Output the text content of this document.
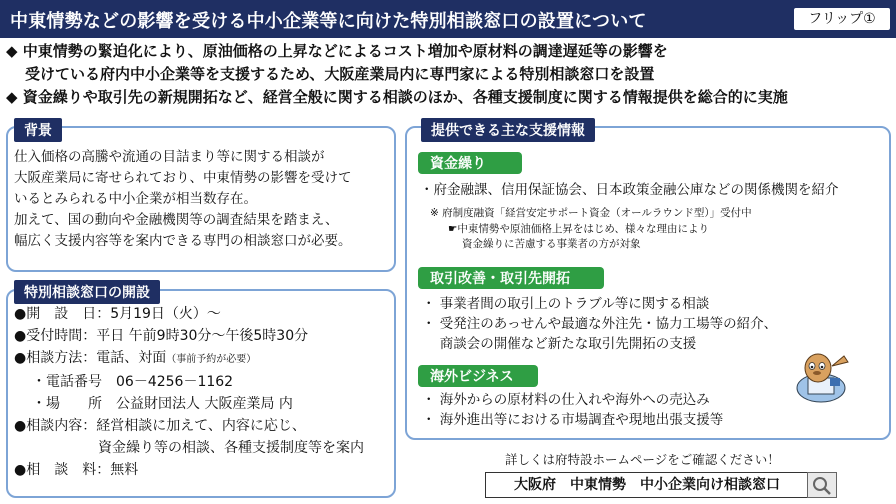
中東情勢などの影響を受ける中小企業等に向けた特別相談窓口の設置について	フリップ①
◆ 中東情勢の緊迫化により、原油価格の上昇などによるコスト増加や原材料の調達遅延等の影響を
受けている府内中小企業等を支援するため、大阪産業局内に専門家による特別相談窓口を設置
◆ 資金繰りや取引先の新規開拓など、経営全般に関する相談のほか、各種支援制度に関する情報提供を総合的に実施
背景
仕入価格の高騰や流通の目詰まり等に関する相談が
大阪産業局に寄せられており、中東情勢の影響を受けて
いるとみられる中小企業が相当数存在。
加えて、国の動向や金融機関等の調査結果を踏まえ、
幅広く支援内容等を案内できる専門の相談窓口が必要。
特別相談窓口の開設
●開　設　日：5月19日（火）～
●受付時間：平日 午前9時30分～午後5時30分
●相談方法：電話、対面（事前予約が必要）
・電話番号　06－4256－1162
・場　　所　公益財団法人 大阪産業局 内
●相談内容：経営相談に加えて、内容に応じ、
資金繰り等の相談、各種支援制度等を案内
●相　談　料：無料
提供できる主な支援情報
資金繰り
・府金融課、信用保証協会、日本政策金融公庫などの関係機関を紹介
※ 府制度融資「経営安定サポート資金（オールラウンド型）」受付中
☛中東情勢や原油価格上昇をはじめ、様々な理由により
資金繰りに苦慮する事業者の方が対象
取引改善・取引先開拓
・ 事業者間の取引上のトラブル等に関する相談
・ 受発注のあっせんや最適な外注先・協力工場等の紹介、
　 商談会の開催など新たな取引先開拓の支援
海外ビジネス
・ 海外からの原材料の仕入れや海外への売込み
・ 海外進出等における市場調査や現地出張支援等
詳しくは府特設ホームページをご確認ください！
大阪府　中東情勢　中小企業向け相談窓口
